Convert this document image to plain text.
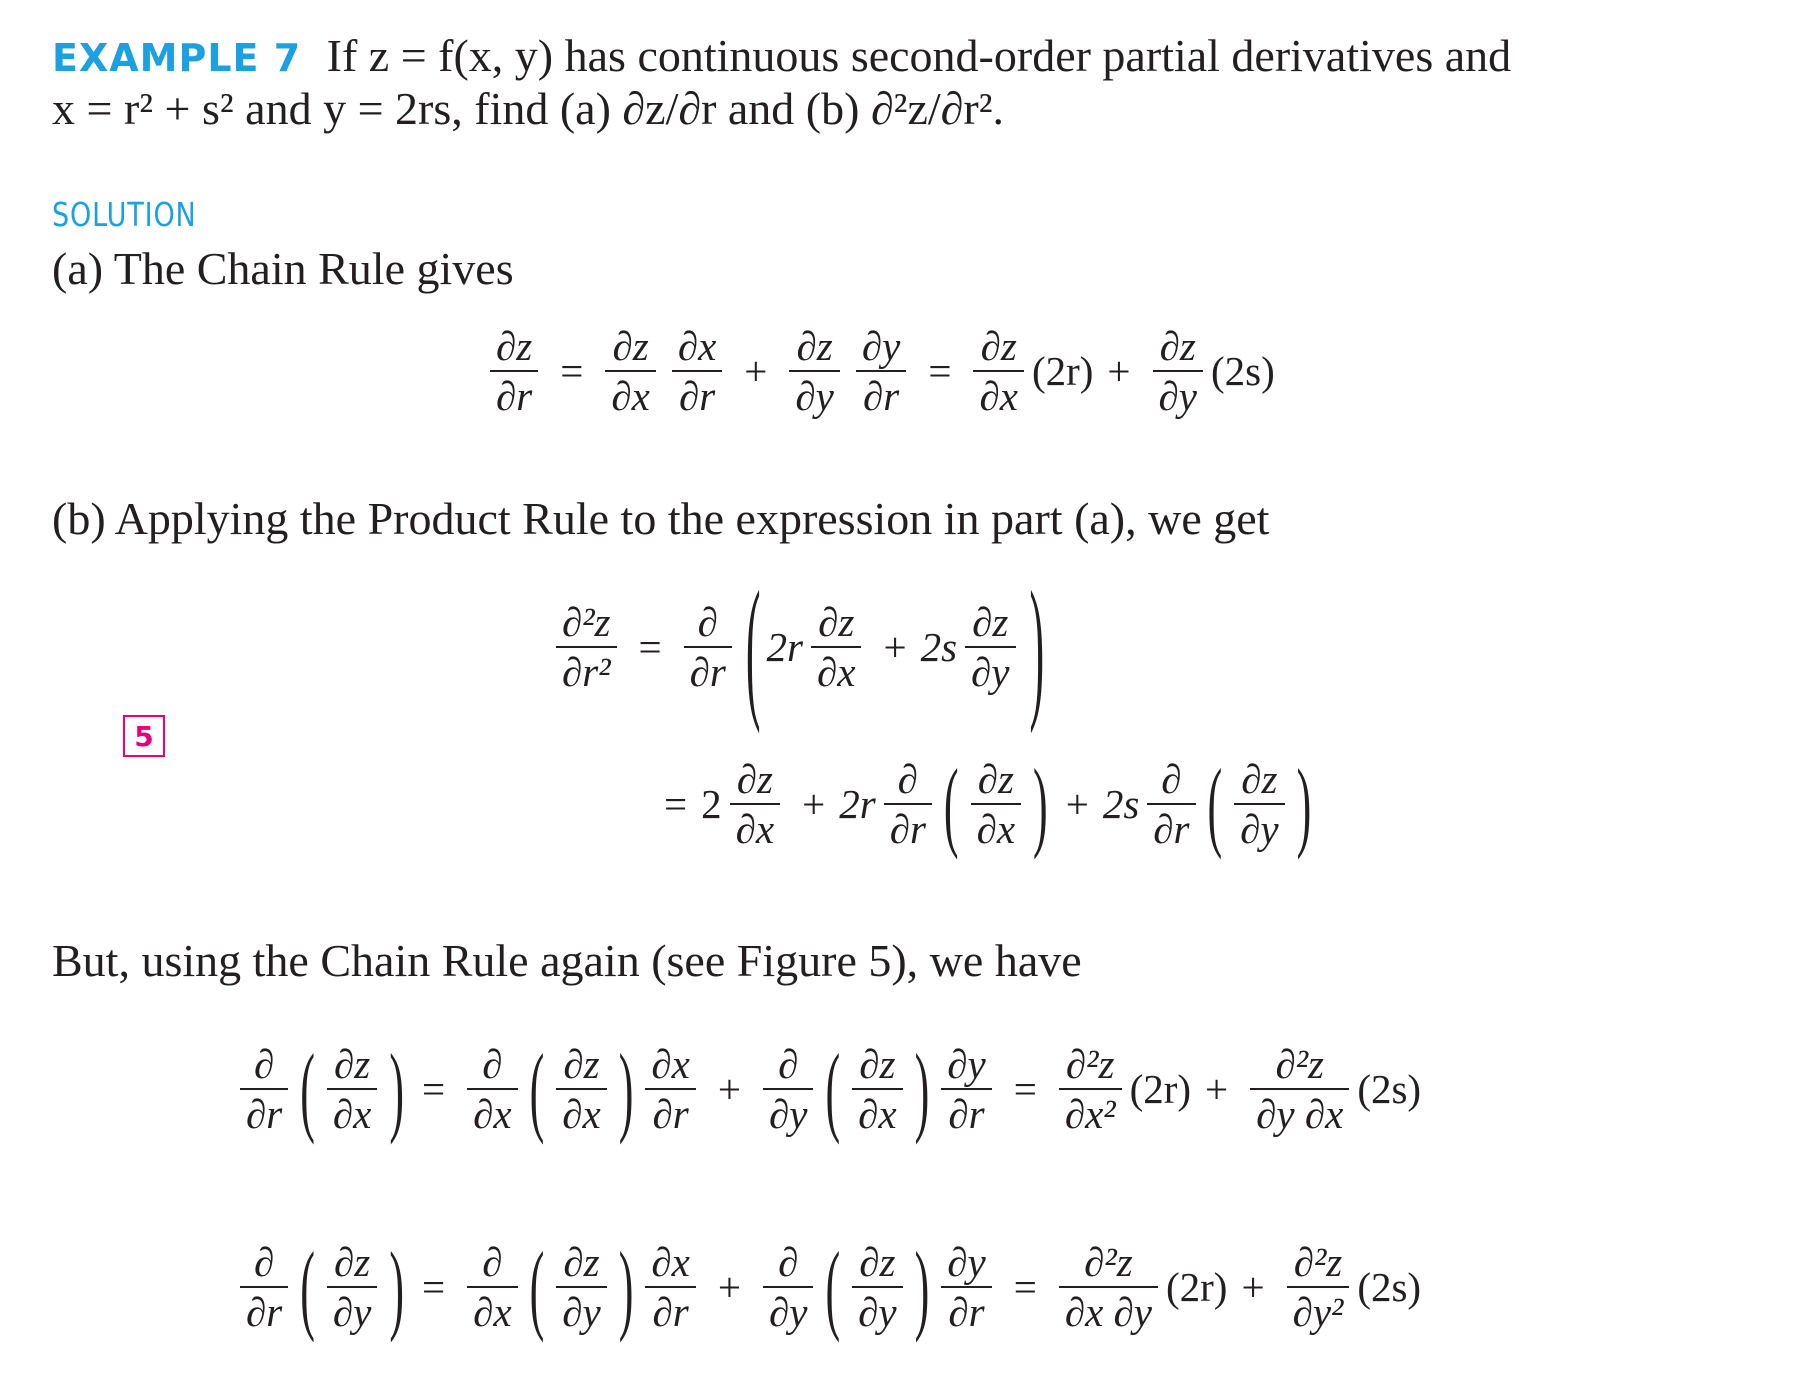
EXAMPLE 7 If z = f(x, y) has continuous second-order partial derivatives and
x = r² + s² and y = 2rs, find (a) ∂z/∂r and (b) ∂²z/∂r².
SOLUTION
(a) The Chain Rule gives
∂z
∂r
=
∂z
∂x
∂x
∂r
+
∂z
∂y
∂y
∂r
=
∂z
∂x
(2r) +
∂z
∂y
(2s)
(b) Applying the Product Rule to the expression in part (a), we get
5
∂²z
∂r²
=
∂
∂r ( 2r
∂z
∂x
+ 2s
∂z
∂y )
= 2
∂z
∂x
+ 2r
∂
∂r ( ∂z
∂x ) + 2s
∂
∂r ( ∂z
∂y )
But, using the Chain Rule again (see Figure 5), we have
∂
∂r ( ∂z
∂x ) =
∂
∂x ( ∂z
∂x ) ∂x
∂r
+
∂
∂y ( ∂z
∂x ) ∂y
∂r
=
∂²z
∂x²
(2r) +
∂²z
∂y ∂x
(2s)
∂
∂r ( ∂z
∂y ) =
∂
∂x ( ∂z
∂y ) ∂x
∂r
+
∂
∂y ( ∂z
∂y ) ∂y
∂r
=
∂²z
∂x ∂y
(2r) +
∂²z
∂y²
(2s)
